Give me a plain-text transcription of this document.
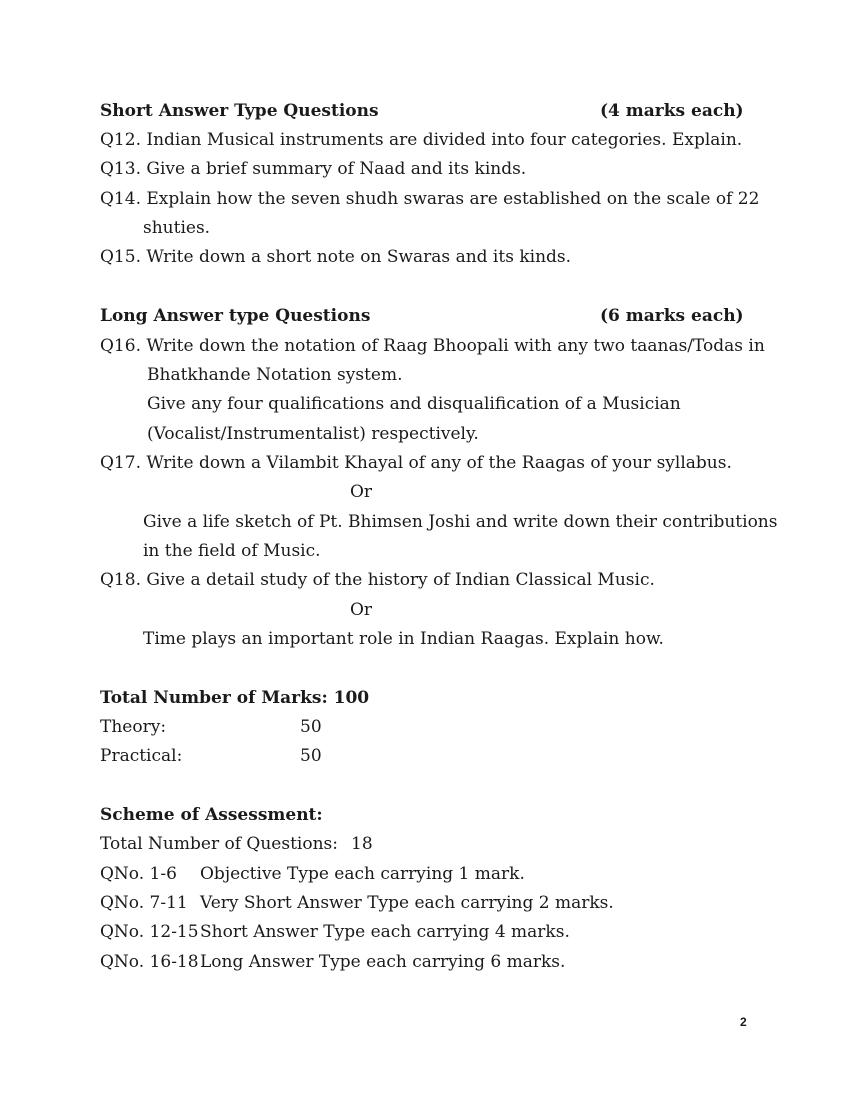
Short Answer Type Questions	(4 marks each)
Q12. Indian Musical instruments are divided into four categories. Explain.
Q13. Give a brief summary of Naad and its kinds.
Q14. Explain how the seven shudh swaras are established on the scale of 22
shuties.
Q15. Write down a short note on Swaras and its kinds.
Long Answer type Questions	(6 marks each)
Q16. Write down the notation of Raag Bhoopali with any two taanas/Todas in
Bhatkhande Notation system.
Give any four qualifications and disqualification of a Musician
(Vocalist/Instrumentalist) respectively.
Q17. Write down a Vilambit Khayal of any of the Raagas of your syllabus.
Or
Give a life sketch of Pt. Bhimsen Joshi and write down their contributions
in the field of Music.
Q18. Give a detail study of the history of Indian Classical Music.
Or
Time plays an important role in Indian Raagas. Explain how.
Total Number of Marks: 100
Theory:	50
Practical:	50
Scheme of Assessment:
Total Number of Questions: 18
QNo. 1-6 Objective Type each carrying 1 mark.
QNo. 7-11 Very Short Answer Type each carrying 2 marks.
QNo. 12-15 Short Answer Type each carrying 4 marks.
QNo. 16-18 Long Answer Type each carrying 6 marks.
2
